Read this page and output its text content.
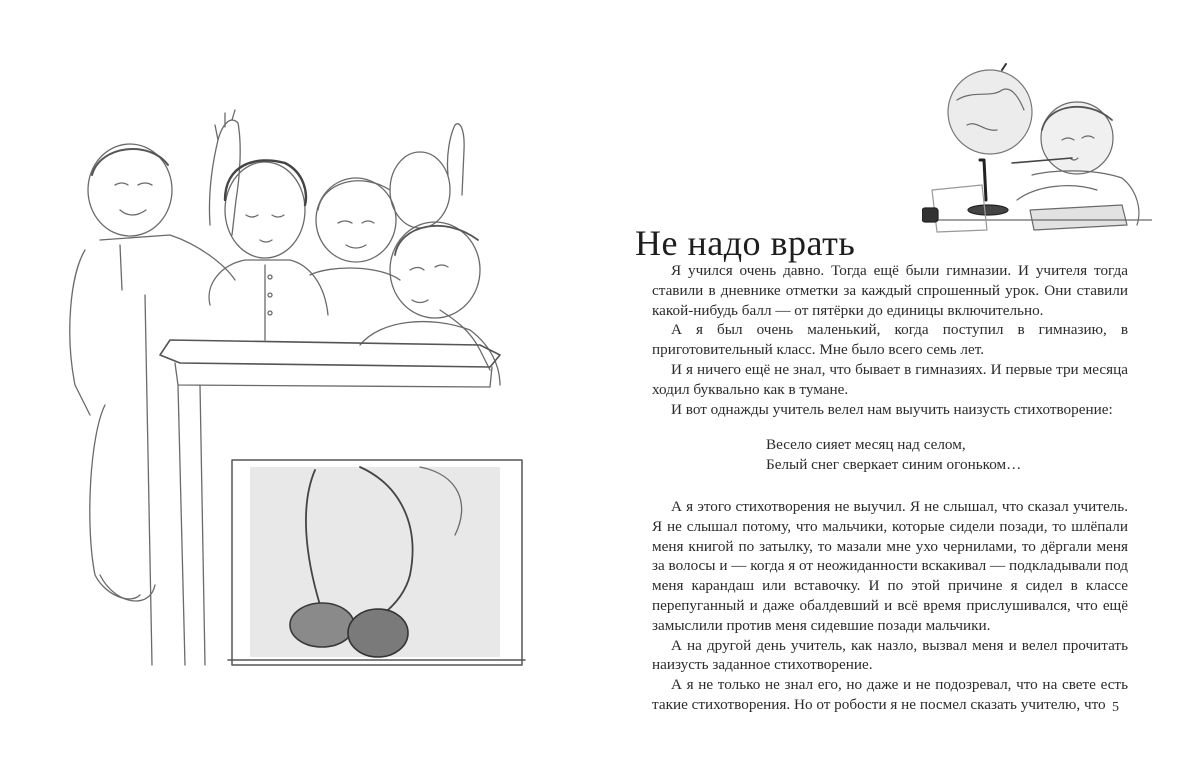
Не надо врать

Я учился очень давно. Тогда ещё были гимназии. И учителя тогда ставили в дневнике отметки за каждый спрошенный урок. Они ставили какой-нибудь балл — от пятёрки до единицы включительно.

А я был очень маленький, когда поступил в гимназию, в приготовительный класс. Мне было всего семь лет.

И я ничего ещё не знал, что бывает в гимназиях. И первые три месяца ходил буквально как в тумане.

И вот однажды учитель велел нам выучить наизусть стихотворение:

Весело сияет месяц над селом,
Белый снег сверкает синим огоньком…

А я этого стихотворения не выучил. Я не слышал, что сказал учитель. Я не слышал потому, что мальчики, которые сидели позади, то шлёпали меня книгой по затылку, то мазали мне ухо чернилами, то дёргали меня за волосы и — когда я от неожиданности вскакивал — подкладывали под меня карандаш или вставочку. И по этой причине я сидел в классе перепуганный и даже обалдевший и всё время прислушивался, что ещё замыслили против меня сидевшие позади мальчики.

А на другой день учитель, как назло, вызвал меня и велел прочитать наизусть заданное стихотворение.

А я не только не знал его, но даже и не подозревал, что на свете есть такие стихотворения. Но от робости я не посмел сказать учителю, что 5
